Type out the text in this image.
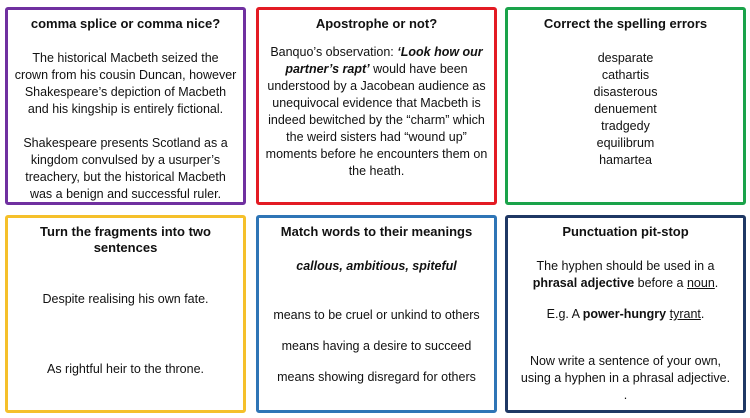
comma splice or comma nice?
The historical Macbeth seized the crown from his cousin Duncan, however Shakespeare’s depiction of Macbeth and his kingship is entirely fictional.
Shakespeare presents Scotland as a kingdom convulsed by a usurper’s treachery, but the historical Macbeth was a benign and successful ruler.
Apostrophe or not?
Banquo’s observation: ‘Look how our partner’s rapt’ would have been understood by a Jacobean audience as unequivocal evidence that Macbeth is indeed bewitched by the “charm” which the weird sisters had “wound up” moments before he encounters them on the heath.
Correct the spelling errors
desparate
cathartis
disasterous
denuement
tradgedy
equilibrum
hamartea
Turn the fragments into two sentences
Despite realising his own fate.
As rightful heir to the throne.
Match words to their meanings
callous, ambitious, spiteful
means to be cruel or unkind to others
means having a desire to succeed
means showing disregard for others
Punctuation pit-stop
The hyphen should be used in a phrasal adjective before a noun.
E.g. A power-hungry tyrant.
Now write a sentence of your own, using a hyphen in a phrasal adjective.
.
